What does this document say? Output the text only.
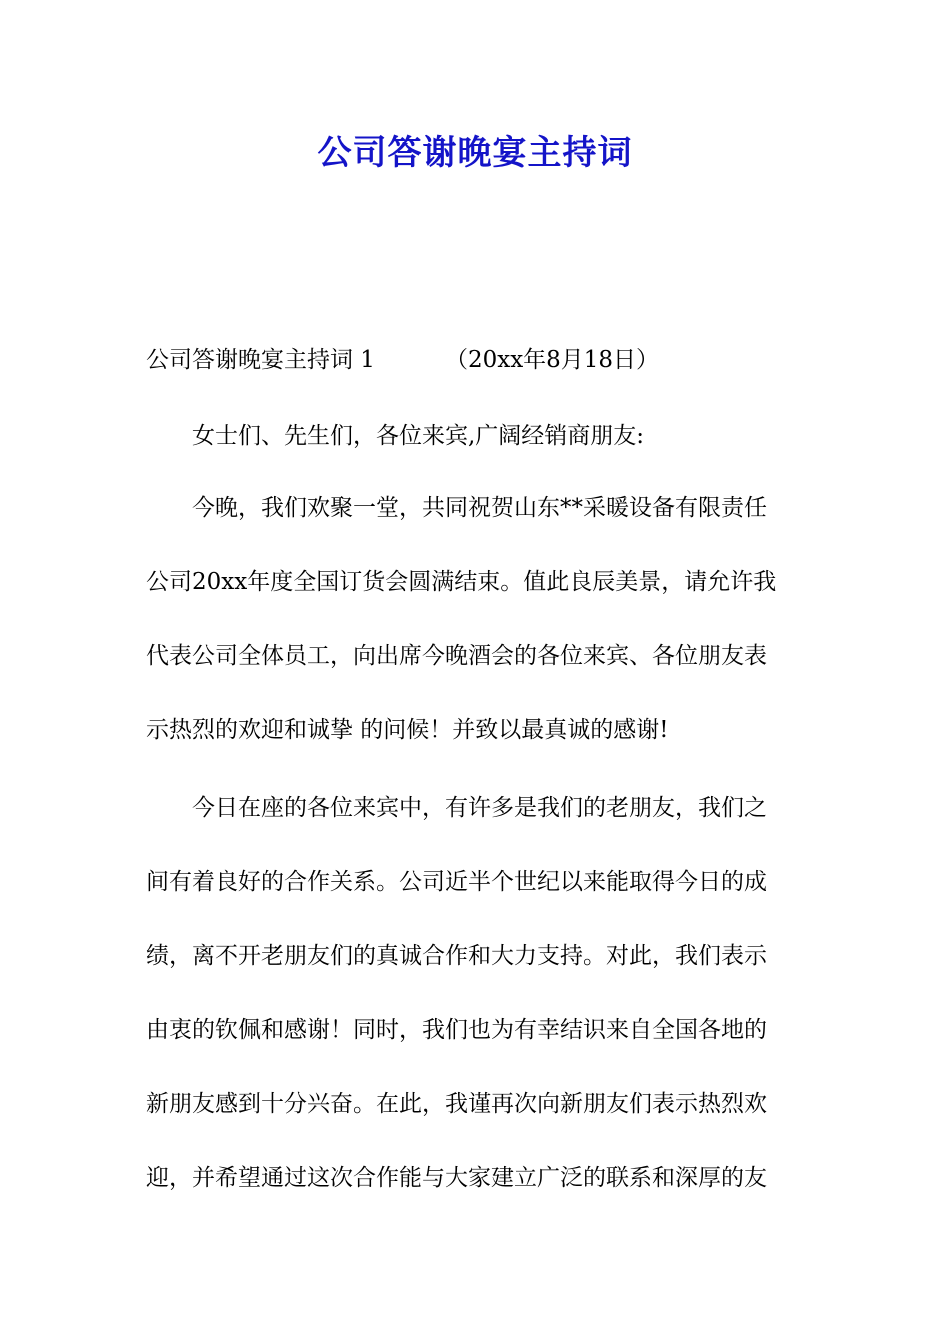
公司答谢晚宴主持词
公司答谢晚宴主持词 1	（20xx年8月18日）
女士们、先生们，各位来宾,广阔经销商朋友:
今晚，我们欢聚一堂，共同祝贺山东**采暖设备有限责任
公司20xx年度全国订货会圆满结束。值此良辰美景，请允许我
代表公司全体员工，向出席今晚酒会的各位来宾、各位朋友表
示热烈的欢迎和诚挚 的问候！并致以最真诚的感谢!
今日在座的各位来宾中，有许多是我们的老朋友，我们之
间有着良好的合作关系。公司近半个世纪以来能取得今日的成
绩，离不开老朋友们的真诚合作和大力支持。对此，我们表示
由衷的钦佩和感谢！同时，我们也为有幸结识来自全国各地的
新朋友感到十分兴奋。在此，我谨再次向新朋友们表示热烈欢
迎，并希望通过这次合作能与大家建立广泛的联系和深厚的友
